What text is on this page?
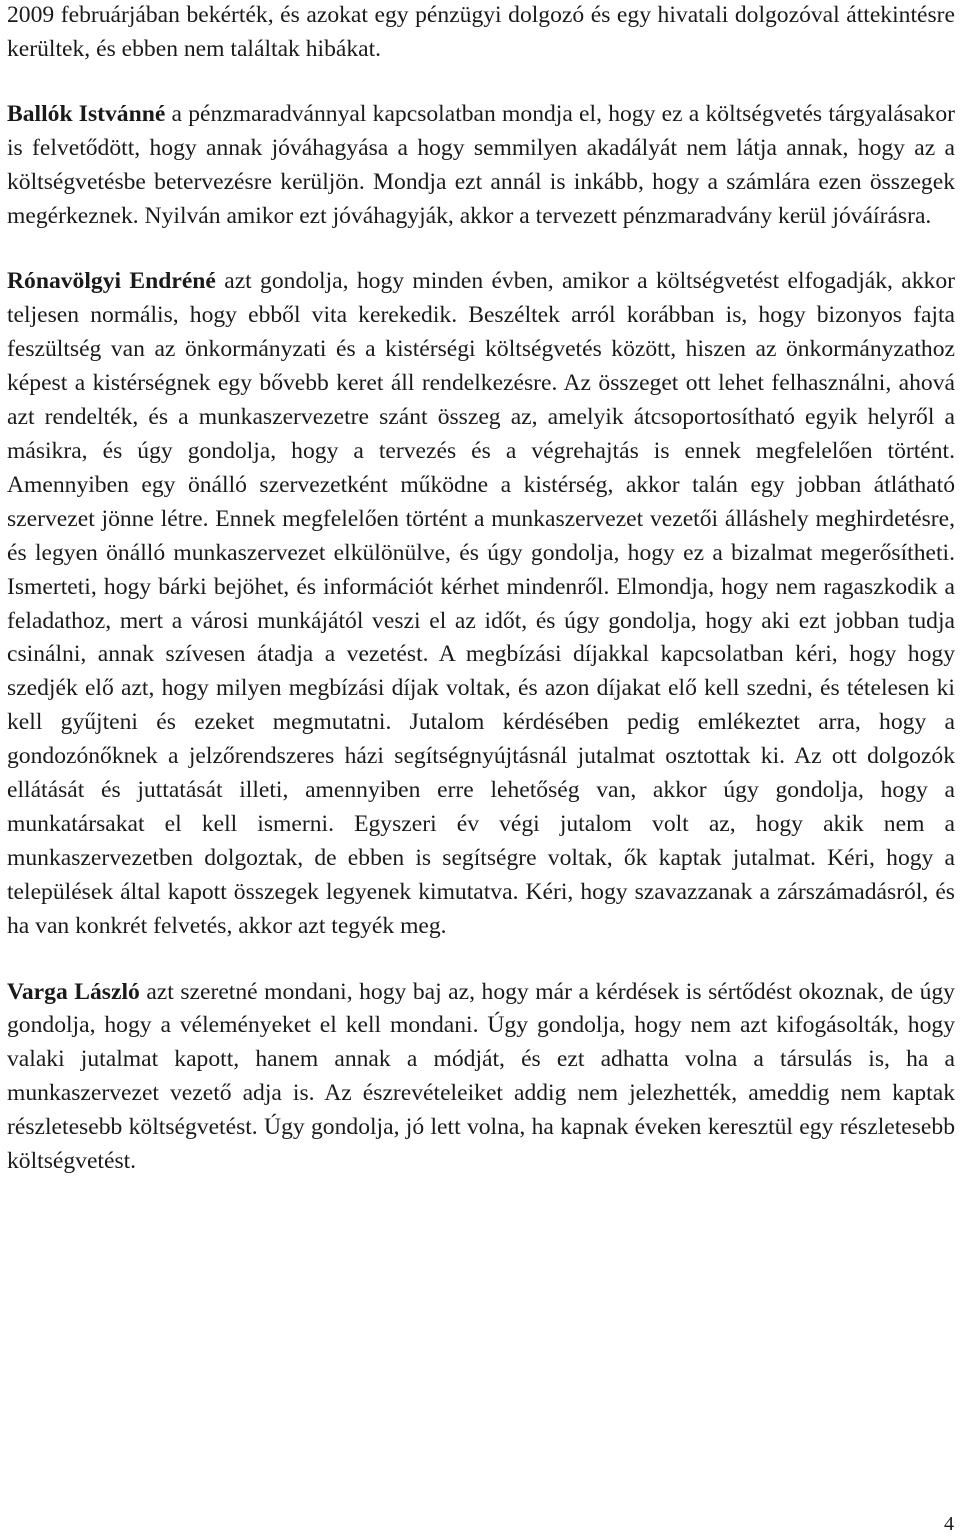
2009 februárjában bekérték, és azokat egy pénzügyi dolgozó és egy hivatali dolgozóval áttekintésre kerültek, és ebben nem találtak hibákat.

Ballók Istvánné a pénzmaradvánnyal kapcsolatban mondja el, hogy ez a költségvetés tárgyalásakor is felvetődött, hogy annak jóváhagyása a hogy semmilyen akadályát nem látja annak, hogy az a költségvetésbe betervezésre kerüljön. Mondja ezt annál is inkább, hogy a számlára ezen összegek megérkeznek. Nyilván amikor ezt jóváhagyják, akkor a tervezett pénzmaradvány kerül jóváírásra.

Rónavölgyi Endréné azt gondolja, hogy minden évben, amikor a költségvetést elfogadják, akkor teljesen normális, hogy ebből vita kerekedik. Beszéltek arról korábban is, hogy bizonyos fajta feszültség van az önkormányzati és a kistérségi költségvetés között, hiszen az önkormányzathoz képest a kistérségnek egy bővebb keret áll rendelkezésre. Az összeget ott lehet felhasználni, ahová azt rendelték, és a munkaszervezetre szánt összeg az, amelyik átcsoportosítható egyik helyről a másikra, és úgy gondolja, hogy a tervezés és a végrehajtás is ennek megfelelően történt. Amennyiben egy önálló szervezetként működne a kistérség, akkor talán egy jobban átlátható szervezet jönne létre. Ennek megfelelően történt a munkaszervezet vezetői álláshely meghirdetésre, és legyen önálló munkaszervezet elkülönülve, és úgy gondolja, hogy ez a bizalmat megerősítheti. Ismerteti, hogy bárki bejöhet, és információt kérhet mindenről. Elmondja, hogy nem ragaszkodik a feladathoz, mert a városi munkájától veszi el az időt, és úgy gondolja, hogy aki ezt jobban tudja csinálni, annak szívesen átadja a vezetést. A megbízási díjakkal kapcsolatban kéri, hogy hogy szedjék elő azt, hogy milyen megbízási díjak voltak, és azon díjakat elő kell szedni, és tételesen ki kell gyűjteni és ezeket megmutatni. Jutalom kérdésében pedig emlékeztet arra, hogy a gondozónőknek a jelzőrendszeres házi segítségnyújtásnál jutalmat osztottak ki. Az ott dolgozók ellátását és juttatását illeti, amennyiben erre lehetőség van, akkor úgy gondolja, hogy a munkatársakat el kell ismerni. Egyszeri év végi jutalom volt az, hogy akik nem a munkaszervezetben dolgoztak, de ebben is segítségre voltak, ők kaptak jutalmat. Kéri, hogy a települések által kapott összegek legyenek kimutatva. Kéri, hogy szavazzanak a zárszámadásról, és ha van konkrét felvetés, akkor azt tegyék meg.

Varga László azt szeretné mondani, hogy baj az, hogy már a kérdések is sértődést okoznak, de úgy gondolja, hogy a véleményeket el kell mondani. Úgy gondolja, hogy nem azt kifogásolták, hogy valaki jutalmat kapott, hanem annak a módját, és ezt adhatta volna a társulás is, ha a munkaszervezet vezető adja is. Az észrevételeiket addig nem jelezhették, ameddig nem kaptak részletesebb költségvetést. Úgy gondolja, jó lett volna, ha kapnak éveken keresztül egy részletesebb költségvetést.

4
